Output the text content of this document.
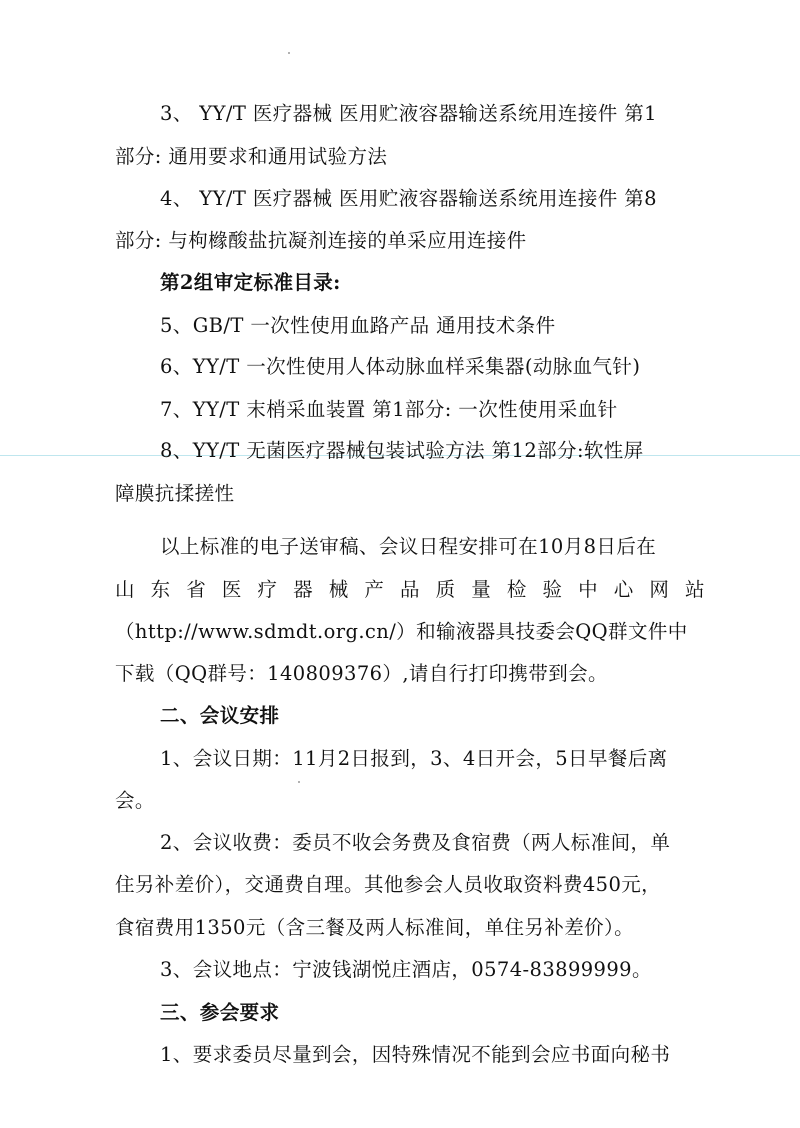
3、 YY/T 医疗器械 医用贮液容器输送系统用连接件 第1
部分: 通用要求和通用试验方法
4、 YY/T 医疗器械 医用贮液容器输送系统用连接件 第8
部分: 与枸橼酸盐抗凝剂连接的单采应用连接件
第2组审定标准目录:
5、GB/T 一次性使用血路产品 通用技术条件
6、YY/T 一次性使用人体动脉血样采集器(动脉血气针)
7、YY/T 末梢采血装置 第1部分: 一次性使用采血针
8、YY/T 无菌医疗器械包装试验方法 第12部分:软性屏
障膜抗揉搓性
以上标准的电子送审稿、会议日程安排可在10月8日后在
山 东 省 医 疗 器 械 产 品 质 量 检 验 中 心 网 站
（http://www.sdmdt.org.cn/）和输液器具技委会QQ群文件中
下载（QQ群号：140809376）,请自行打印携带到会。
二、会议安排
1、会议日期：11月2日报到，3、4日开会，5日早餐后离
会。
2、会议收费：委员不收会务费及食宿费（两人标准间，单
住另补差价），交通费自理。其他参会人员收取资料费450元，
食宿费用1350元（含三餐及两人标准间，单住另补差价）。
3、会议地点：宁波钱湖悦庄酒店，0574-83899999。
三、参会要求
1、要求委员尽量到会，因特殊情况不能到会应书面向秘书
